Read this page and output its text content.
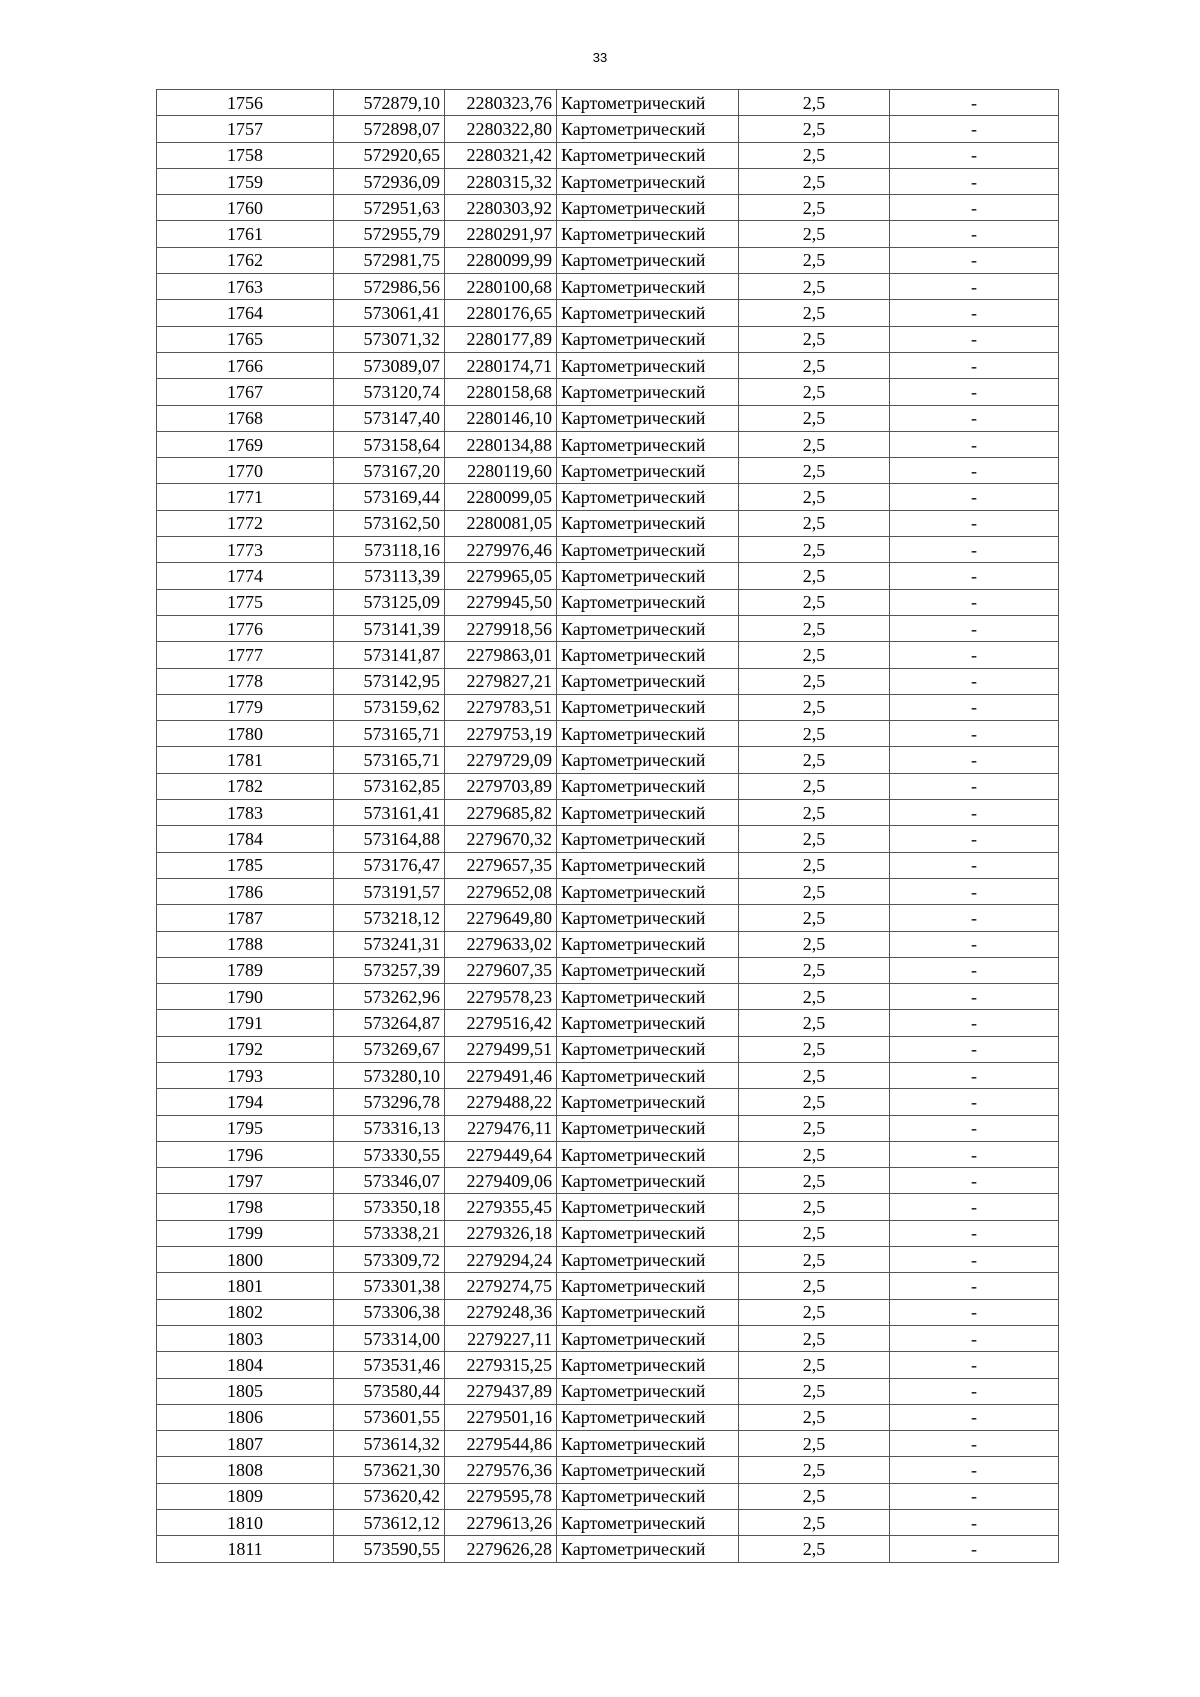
33
1756	572879,10	2280323,76	Картометрический	2,5	-
1757	572898,07	2280322,80	Картометрический	2,5	-
1758	572920,65	2280321,42	Картометрический	2,5	-
1759	572936,09	2280315,32	Картометрический	2,5	-
1760	572951,63	2280303,92	Картометрический	2,5	-
1761	572955,79	2280291,97	Картометрический	2,5	-
1762	572981,75	2280099,99	Картометрический	2,5	-
1763	572986,56	2280100,68	Картометрический	2,5	-
1764	573061,41	2280176,65	Картометрический	2,5	-
1765	573071,32	2280177,89	Картометрический	2,5	-
1766	573089,07	2280174,71	Картометрический	2,5	-
1767	573120,74	2280158,68	Картометрический	2,5	-
1768	573147,40	2280146,10	Картометрический	2,5	-
1769	573158,64	2280134,88	Картометрический	2,5	-
1770	573167,20	2280119,60	Картометрический	2,5	-
1771	573169,44	2280099,05	Картометрический	2,5	-
1772	573162,50	2280081,05	Картометрический	2,5	-
1773	573118,16	2279976,46	Картометрический	2,5	-
1774	573113,39	2279965,05	Картометрический	2,5	-
1775	573125,09	2279945,50	Картометрический	2,5	-
1776	573141,39	2279918,56	Картометрический	2,5	-
1777	573141,87	2279863,01	Картометрический	2,5	-
1778	573142,95	2279827,21	Картометрический	2,5	-
1779	573159,62	2279783,51	Картометрический	2,5	-
1780	573165,71	2279753,19	Картометрический	2,5	-
1781	573165,71	2279729,09	Картометрический	2,5	-
1782	573162,85	2279703,89	Картометрический	2,5	-
1783	573161,41	2279685,82	Картометрический	2,5	-
1784	573164,88	2279670,32	Картометрический	2,5	-
1785	573176,47	2279657,35	Картометрический	2,5	-
1786	573191,57	2279652,08	Картометрический	2,5	-
1787	573218,12	2279649,80	Картометрический	2,5	-
1788	573241,31	2279633,02	Картометрический	2,5	-
1789	573257,39	2279607,35	Картометрический	2,5	-
1790	573262,96	2279578,23	Картометрический	2,5	-
1791	573264,87	2279516,42	Картометрический	2,5	-
1792	573269,67	2279499,51	Картометрический	2,5	-
1793	573280,10	2279491,46	Картометрический	2,5	-
1794	573296,78	2279488,22	Картометрический	2,5	-
1795	573316,13	2279476,11	Картометрический	2,5	-
1796	573330,55	2279449,64	Картометрический	2,5	-
1797	573346,07	2279409,06	Картометрический	2,5	-
1798	573350,18	2279355,45	Картометрический	2,5	-
1799	573338,21	2279326,18	Картометрический	2,5	-
1800	573309,72	2279294,24	Картометрический	2,5	-
1801	573301,38	2279274,75	Картометрический	2,5	-
1802	573306,38	2279248,36	Картометрический	2,5	-
1803	573314,00	2279227,11	Картометрический	2,5	-
1804	573531,46	2279315,25	Картометрический	2,5	-
1805	573580,44	2279437,89	Картометрический	2,5	-
1806	573601,55	2279501,16	Картометрический	2,5	-
1807	573614,32	2279544,86	Картометрический	2,5	-
1808	573621,30	2279576,36	Картометрический	2,5	-
1809	573620,42	2279595,78	Картометрический	2,5	-
1810	573612,12	2279613,26	Картометрический	2,5	-
1811	573590,55	2279626,28	Картометрический	2,5	-
